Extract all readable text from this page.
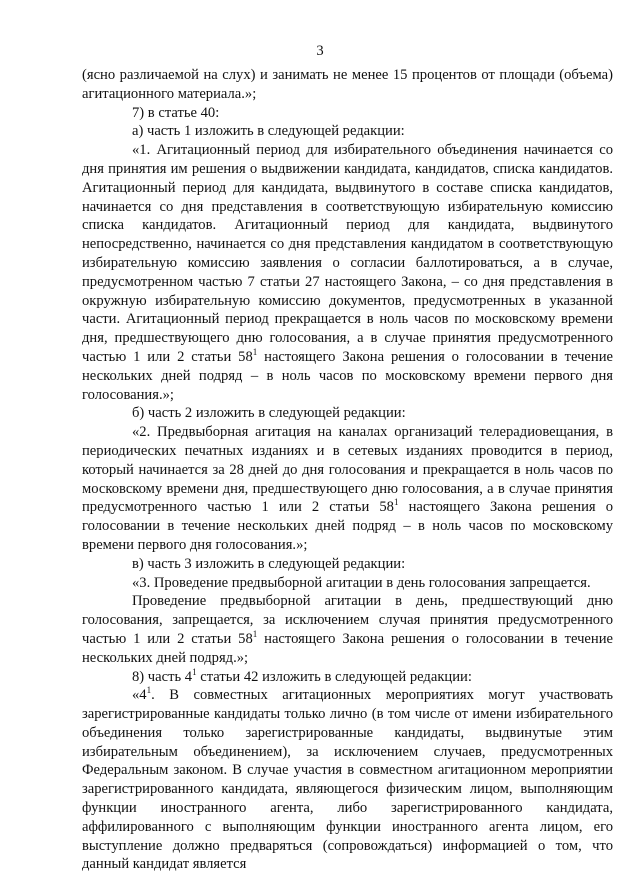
3

(ясно различаемой на слух) и занимать не менее 15 процентов от площади (объема) агитационного материала.»;

7) в статье 40:

а) часть 1 изложить в следующей редакции:

«1. Агитационный период для избирательного объединения начинается со дня принятия им решения о выдвижении кандидата, кандидатов, списка кандидатов. Агитационный период для кандидата, выдвинутого в составе списка кандидатов, начинается со дня представления в соответствующую избирательную комиссию списка кандидатов. Агитационный период для кандидата, выдвинутого непосредственно, начинается со дня представления кандидатом в соответствующую избирательную комиссию заявления о согласии баллотироваться, а в случае, предусмотренном частью 7 статьи 27 настоящего Закона, – со дня представления в окружную избирательную комиссию документов, предусмотренных в указанной части. Агитационный период прекращается в ноль часов по московскому времени дня, предшествующего дню голосования, а в случае принятия предусмотренного частью 1 или 2 статьи $58^1$ настоящего Закона решения о голосовании в течение нескольких дней подряд – в ноль часов по московскому времени первого дня голосования.»;

б) часть 2 изложить в следующей редакции:

«2. Предвыборная агитация на каналах организаций телерадиовещания, в периодических печатных изданиях и в сетевых изданиях проводится в период, который начинается за 28 дней до дня голосования и прекращается в ноль часов по московскому времени дня, предшествующего дню голосования, а в случае принятия предусмотренного частью 1 или 2 статьи $58^1$ настоящего Закона решения о голосовании в течение нескольких дней подряд – в ноль часов по московскому времени первого дня голосования.»;

в) часть 3 изложить в следующей редакции:

«3. Проведение предвыборной агитации в день голосования запрещается.

Проведение предвыборной агитации в день, предшествующий дню голосования, запрещается, за исключением случая принятия предусмотренного частью 1 или 2 статьи $58^1$ настоящего Закона решения о голосовании в течение нескольких дней подряд.»;

8) часть $4^1$ статьи 42 изложить в следующей редакции:

«$4^1$. В совместных агитационных мероприятиях могут участвовать зарегистрированные кандидаты только лично (в том числе от имени избирательного объединения только зарегистрированные кандидаты, выдвинутые этим избирательным объединением), за исключением случаев, предусмотренных Федеральным законом. В случае участия в совместном агитационном мероприятии зарегистрированного кандидата, являющегося физическим лицом, выполняющим функции иностранного агента, либо зарегистрированного кандидата, аффилированного с выполняющим функции иностранного агента лицом, его выступление должно предваряться (сопровождаться) информацией о том, что данный кандидат является
